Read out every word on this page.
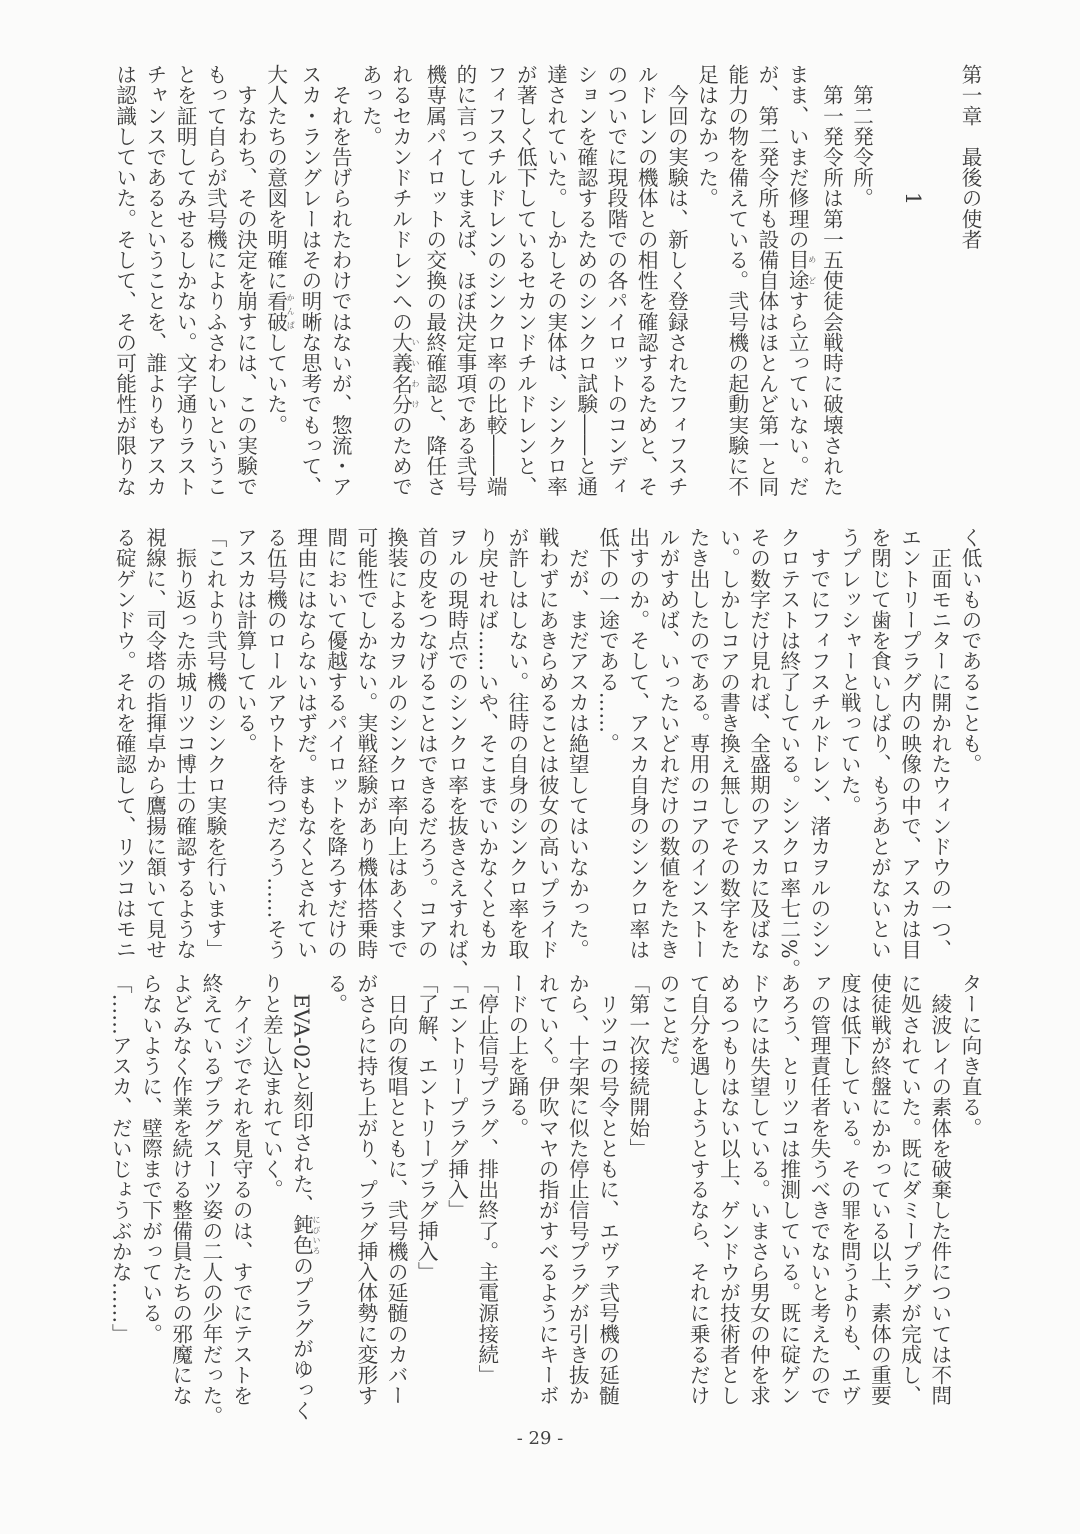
第一章　最後の使者
1
　第二発令所。
　第一発令所は第一五使徒会戦時に破壊された
まま、いまだ修理の目途めどすら立っていない。だ
が、第二発令所も設備自体はほとんど第一と同
能力の物を備えている。弐号機の起動実験に不
足はなかった。
　今回の実験は、新しく登録されたフィフスチ
ルドレンの機体との相性を確認するためと、そ
のついでに現段階での各パイロットのコンディ
ションを確認するためのシンクロ試験――と通
達されていた。しかしその実体は、シンクロ率
が著しく低下しているセカンドチルドレンと、
フィフスチルドレンのシンクロ率の比較――端
的に言ってしまえば、ほぼ決定事項である弐号
機専属パイロットの交換の最終確認と、降任さ
れるセカンドチルドレンへの大義名分いいわけのためで
あった。
　それを告げられたわけではないが、惣流・ア
スカ・ラングレーはその明晰な思考でもって、
大人たちの意図を明確に看破かんぱしていた。
　すなわち、その決定を崩すには、この実験で
もって自らが弐号機によりふさわしいというこ
とを証明してみせるしかない。文字通りラスト
チャンスであるということを、誰よりもアスカ
は認識していた。そして、その可能性が限りな
く低いものであることも。
　正面モニターに開かれたウィンドウの一つ、
エントリープラグ内の映像の中で、アスカは目
を閉じて歯を食いしばり、もうあとがないとい
うプレッシャーと戦っていた。
　すでにフィフスチルドレン、渚カヲルのシン
クロテストは終了している。シンクロ率七二%。
その数字だけ見れば、全盛期のアスカに及ばな
い。しかしコアの書き換え無しでその数字をた
たき出したのである。専用のコアのインストー
ルがすめば、いったいどれだけの数値をたたき
出すのか。そして、アスカ自身のシンクロ率は
低下の一途である……。
　だが、まだアスカは絶望してはいなかった。
戦わずにあきらめることは彼女の高いプライド
が許しはしない。往時の自身のシンクロ率を取
り戻せれば……いや、そこまでいかなくともカ
ヲルの現時点でのシンクロ率を抜きさえすれば、
首の皮をつなげることはできるだろう。コアの
換装によるカヲルのシンクロ率向上はあくまで
可能性でしかない。実戦経験があり機体搭乗時
間において優越するパイロットを降ろすだけの
理由にはならないはずだ。まもなくとされてい
る伍号機のロールアウトを待つだろう……そう
アスカは計算している。
「これより弐号機のシンクロ実験を行います」
　振り返った赤城リツコ博士の確認するような
視線に、司令塔の指揮卓から鷹揚に頷いて見せ
る碇ゲンドウ。それを確認して、リツコはモニ
ターに向き直る。
　綾波レイの素体を破棄した件については不問
に処されていた。既にダミープラグが完成し、
使徒戦が終盤にかかっている以上、素体の重要
度は低下している。その罪を問うよりも、エヴ
ァの管理責任者を失うべきでないと考えたので
あろう、とリツコは推測している。既に碇ゲン
ドウには失望している。いまさら男女の仲を求
めるつもりはない以上、ゲンドウが技術者とし
て自分を遇しようとするなら、それに乗るだけ
のことだ。
「第一次接続開始」
　リツコの号令とともに、エヴァ弐号機の延髄
から、十字架に似た停止信号プラグが引き抜か
れていく。伊吹マヤの指がすべるようにキーボ
ードの上を踊る。
「停止信号プラグ、排出終了。主電源接続」
「エントリープラグ挿入」
「了解、エントリープラグ挿入」
　日向の復唱とともに、弐号機の延髄のカバー
がさらに持ち上がり、プラグ挿入体勢に変形す
る。
　EVA-02と刻印された、鈍色にびいろのプラグがゆっく
りと差し込まれていく。
　ケイジでそれを見守るのは、すでにテストを
終えているプラグスーツ姿の二人の少年だった。
よどみなく作業を続ける整備員たちの邪魔にな
らないように、壁際まで下がっている。
「……アスカ、だいじょうぶかな……」
- 29 -
